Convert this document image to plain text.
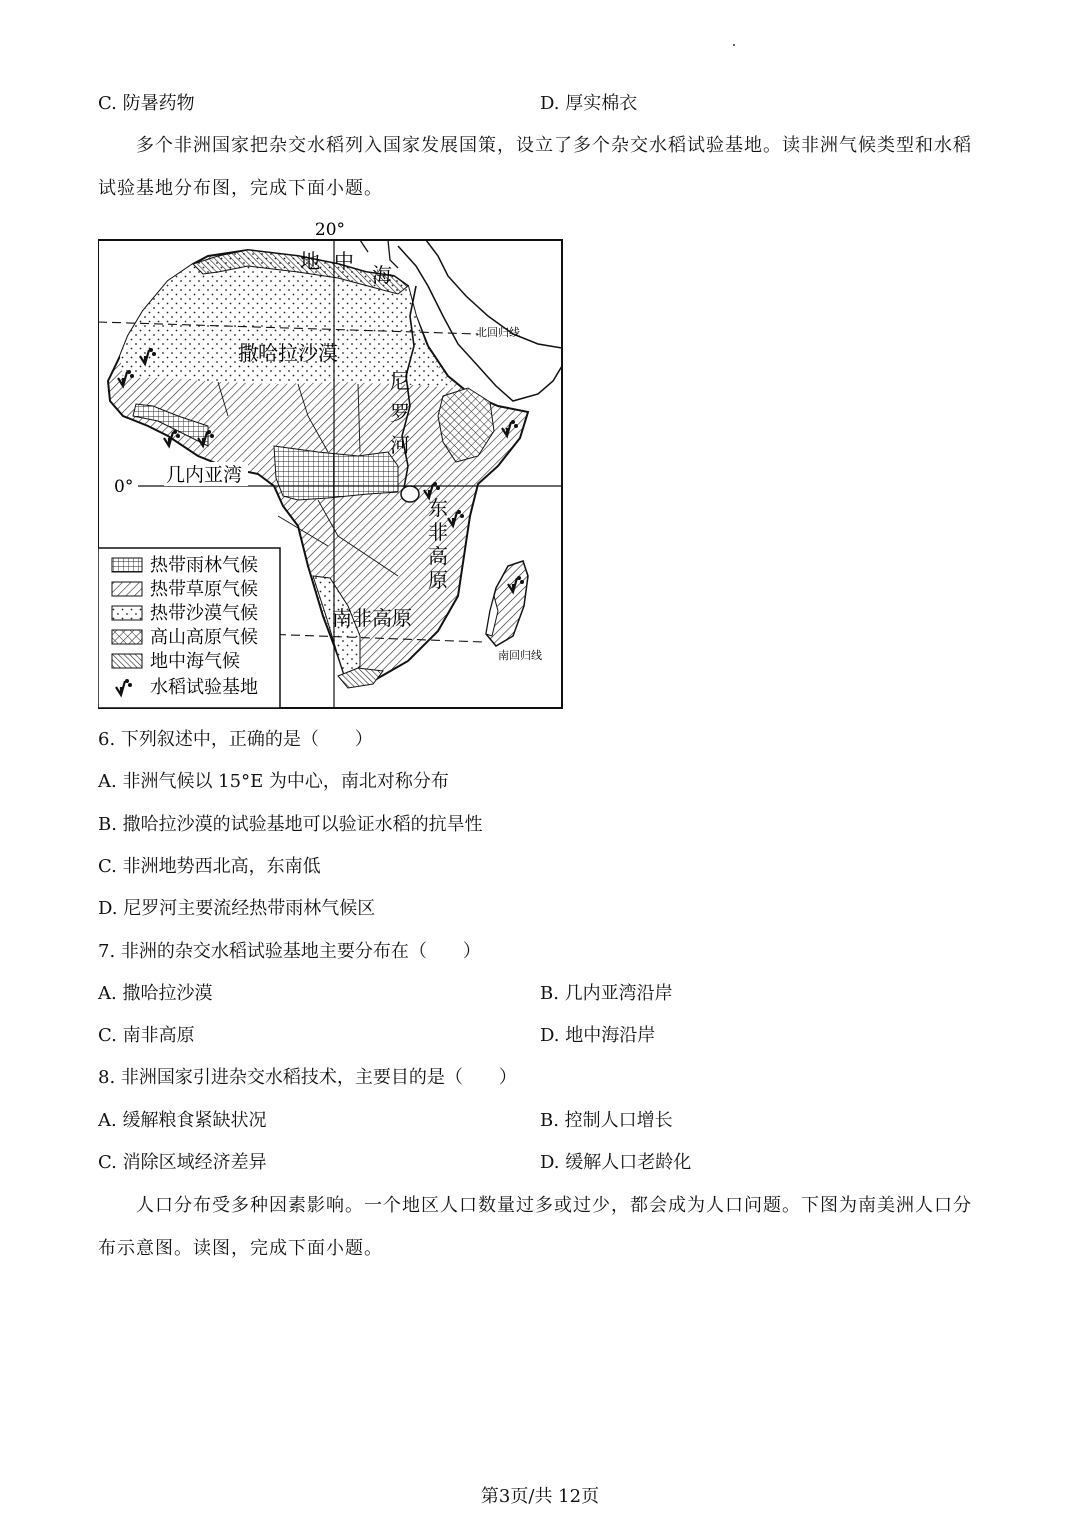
C. 防暑药物	D. 厚实棉衣
多个非洲国家把杂交水稻列入国家发展国策，设立了多个杂交水稻试验基地。读非洲气候类型和水稻试验基地分布图，完成下面小题。
20°
0°
北回归线
南回归线
地 中
海
撒哈拉沙漠
尼
罗
河
几内亚湾
东
非
高
原
南非高原
热带雨林气候
热带草原气候
热带沙漠气候
高山高原气候
地中海气候
水稻试验基地
6. 下列叙述中，正确的是（　　）
A. 非洲气候以 15°E 为中心，南北对称分布
B. 撒哈拉沙漠的试验基地可以验证水稻的抗旱性
C. 非洲地势西北高，东南低
D. 尼罗河主要流经热带雨林气候区
7. 非洲的杂交水稻试验基地主要分布在（　　）
A. 撒哈拉沙漠	B. 几内亚湾沿岸
C. 南非高原	D. 地中海沿岸
8. 非洲国家引进杂交水稻技术，主要目的是（　　）
A. 缓解粮食紧缺状况	B. 控制人口增长
C. 消除区域经济差异	D. 缓解人口老龄化
人口分布受多种因素影响。一个地区人口数量过多或过少，都会成为人口问题。下图为南美洲人口分布示意图。读图，完成下面小题。
第3页/共 12页
